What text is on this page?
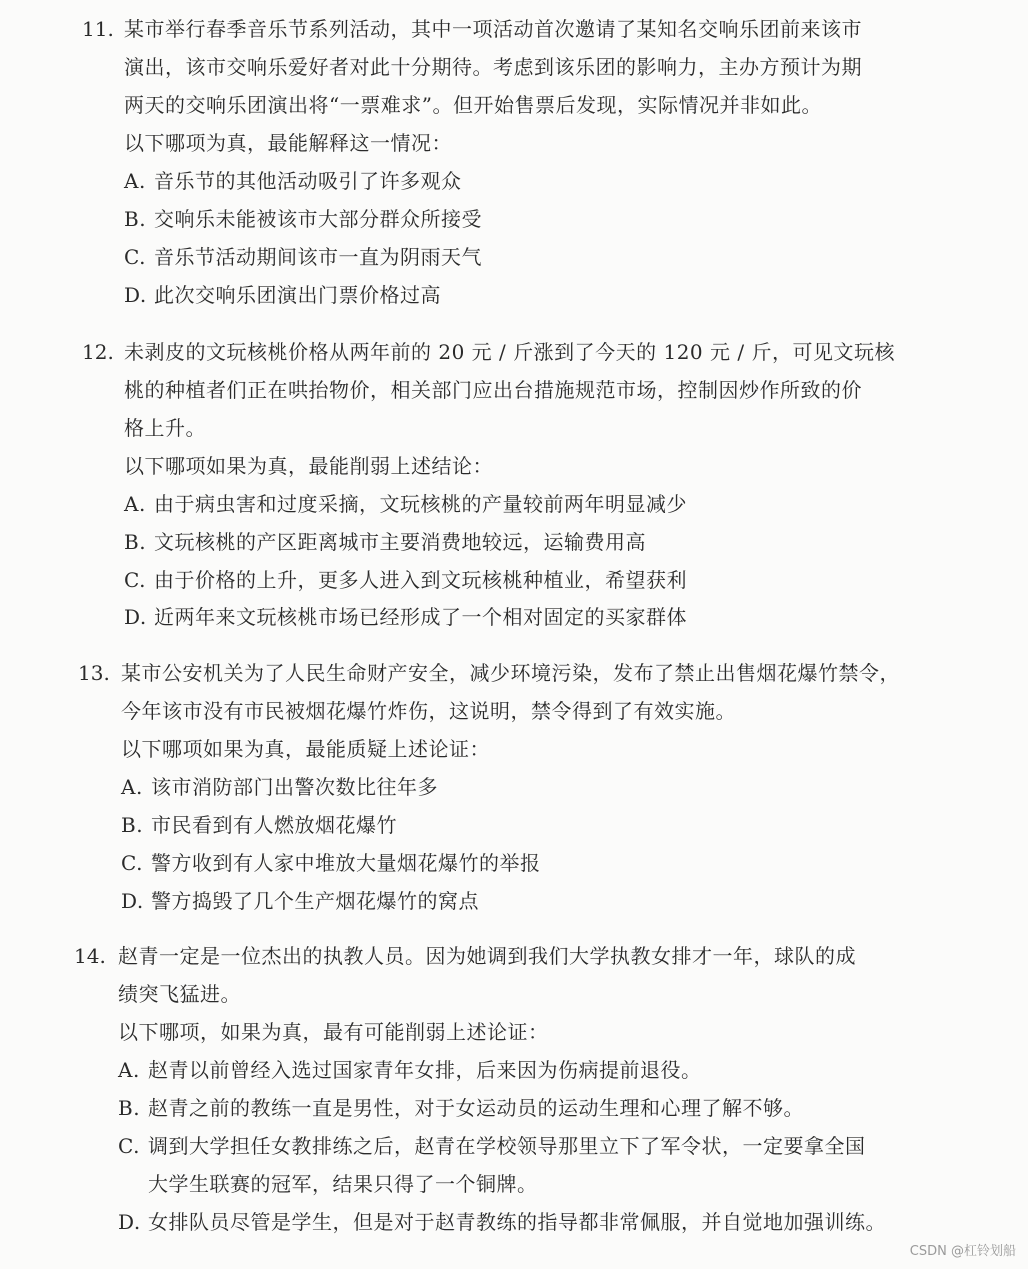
11. 某市举行春季音乐节系列活动，其中一项活动首次邀请了某知名交响乐团前来该市
演出，该市交响乐爱好者对此十分期待。考虑到该乐团的影响力，主办方预计为期
两天的交响乐团演出将“一票难求”。但开始售票后发现，实际情况并非如此。
以下哪项为真，最能解释这一情况：
A. 音乐节的其他活动吸引了许多观众
B. 交响乐未能被该市大部分群众所接受
C. 音乐节活动期间该市一直为阴雨天气
D. 此次交响乐团演出门票价格过高
12. 未剥皮的文玩核桃价格从两年前的 20 元 / 斤涨到了今天的 120 元 / 斤，可见文玩核
桃的种植者们正在哄抬物价，相关部门应出台措施规范市场，控制因炒作所致的价
格上升。
以下哪项如果为真，最能削弱上述结论：
A. 由于病虫害和过度采摘，文玩核桃的产量较前两年明显减少
B. 文玩核桃的产区距离城市主要消费地较远，运输费用高
C. 由于价格的上升，更多人进入到文玩核桃种植业，希望获利
D. 近两年来文玩核桃市场已经形成了一个相对固定的买家群体
13. 某市公安机关为了人民生命财产安全，减少环境污染，发布了禁止出售烟花爆竹禁令，
今年该市没有市民被烟花爆竹炸伤，这说明，禁令得到了有效实施。
以下哪项如果为真，最能质疑上述论证：
A. 该市消防部门出警次数比往年多
B. 市民看到有人燃放烟花爆竹
C. 警方收到有人家中堆放大量烟花爆竹的举报
D. 警方捣毁了几个生产烟花爆竹的窝点
14. 赵青一定是一位杰出的执教人员。因为她调到我们大学执教女排才一年，球队的成
绩突飞猛进。
以下哪项，如果为真，最有可能削弱上述论证：
A. 赵青以前曾经入选过国家青年女排，后来因为伤病提前退役。
B. 赵青之前的教练一直是男性，对于女运动员的运动生理和心理了解不够。
C. 调到大学担任女教排练之后，赵青在学校领导那里立下了军令状，一定要拿全国
大学生联赛的冠军，结果只得了一个铜牌。
D. 女排队员尽管是学生，但是对于赵青教练的指导都非常佩服，并自觉地加强训练。
CSDN @杠铃划船
